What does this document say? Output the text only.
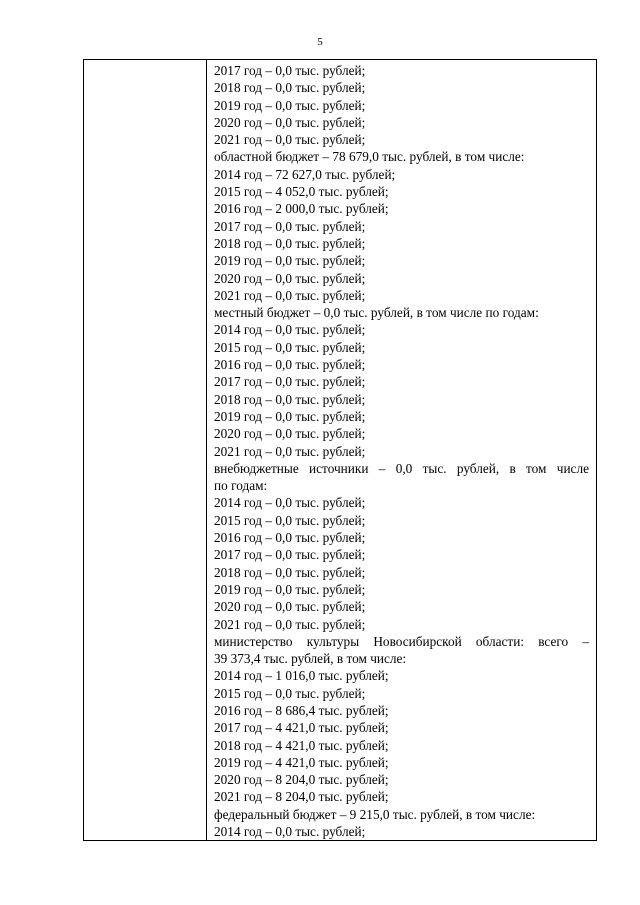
5
2017 год – 0,0 тыс. рублей;
2018 год – 0,0 тыс. рублей;
2019 год – 0,0 тыс. рублей;
2020 год – 0,0 тыс. рублей;
2021 год – 0,0 тыс. рублей;
областной бюджет – 78 679,0 тыс. рублей, в том числе:
2014 год – 72 627,0 тыс. рублей;
2015 год – 4 052,0 тыс. рублей;
2016 год – 2 000,0 тыс. рублей;
2017 год – 0,0 тыс. рублей;
2018 год – 0,0 тыс. рублей;
2019 год – 0,0 тыс. рублей;
2020 год – 0,0 тыс. рублей;
2021 год – 0,0 тыс. рублей;
местный бюджет – 0,0 тыс. рублей, в том числе по годам:
2014 год – 0,0 тыс. рублей;
2015 год – 0,0 тыс. рублей;
2016 год – 0,0 тыс. рублей;
2017 год – 0,0 тыс. рублей;
2018 год – 0,0 тыс. рублей;
2019 год – 0,0 тыс. рублей;
2020 год – 0,0 тыс. рублей;
2021 год – 0,0 тыс. рублей;
внебюджетные источники – 0,0 тыс. рублей, в том числе
по годам:
2014 год – 0,0 тыс. рублей;
2015 год – 0,0 тыс. рублей;
2016 год – 0,0 тыс. рублей;
2017 год – 0,0 тыс. рублей;
2018 год – 0,0 тыс. рублей;
2019 год – 0,0 тыс. рублей;
2020 год – 0,0 тыс. рублей;
2021 год – 0,0 тыс. рублей;
министерство культуры Новосибирской области: всего –
39 373,4 тыс. рублей, в том числе:
2014 год – 1 016,0 тыс. рублей;
2015 год – 0,0 тыс. рублей;
2016 год – 8 686,4 тыс. рублей;
2017 год – 4 421,0 тыс. рублей;
2018 год – 4 421,0 тыс. рублей;
2019 год – 4 421,0 тыс. рублей;
2020 год – 8 204,0 тыс. рублей;
2021 год – 8 204,0 тыс. рублей;
федеральный бюджет – 9 215,0 тыс. рублей, в том числе:
2014 год – 0,0 тыс. рублей;
